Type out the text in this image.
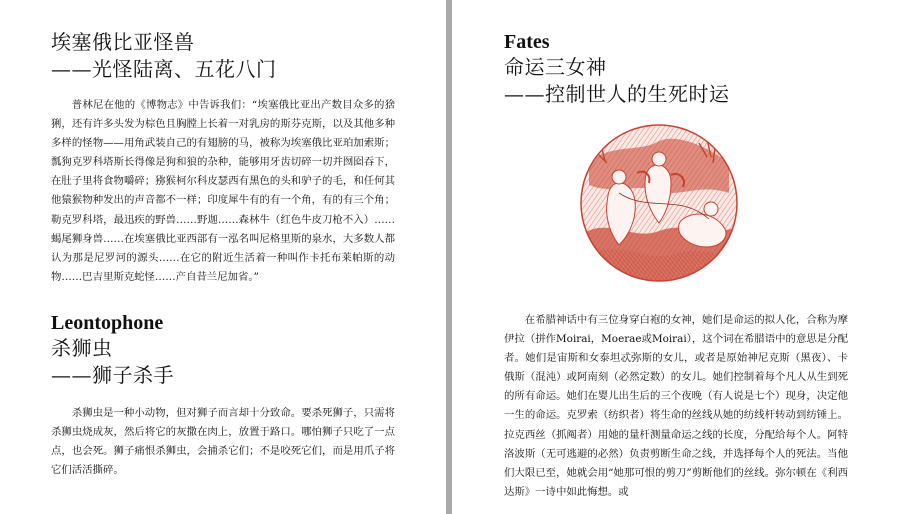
埃塞俄比亚怪兽
——光怪陆离、五花八门

普林尼在他的《博物志》中告诉我们：“埃塞俄比亚出产数目众多的猞猁，还有许多头发为棕色且胸膛上长着一对乳房的斯芬克斯，以及其他多种多样的怪物——用角武装自己的有翅膀的马，被称为埃塞俄比亚珀加索斯；瓢狗克罗科塔斯长得像是狗和狼的杂种，能够用牙齿切碎一切并囫囵吞下，在肚子里将食物嚼碎；猕猴柯尔科皮瑟西有黑色的头和驴子的毛，和任何其他猿猴物种发出的声音都不一样；印度犀牛有的有一个角，有的有三个角；勒克罗科塔，最迅疾的野兽……野迦……森林牛（红色牛皮刀枪不入）……蝎尾狮身兽……在埃塞俄比亚西部有一泓名叫尼格里斯的泉水，大多数人都认为那是尼罗河的源头……在它的附近生活着一种叫作卡托布莱帕斯的动物……巴吉里斯克蛇怪……产自昔兰尼加省。”

Leontophone
杀狮虫
——狮子杀手

杀狮虫是一种小动物，但对狮子而言却十分致命。要杀死狮子，只需将杀狮虫烧成灰，然后将它的灰撒在肉上，放置于路口。哪怕狮子只吃了一点点，也会死。狮子痛恨杀狮虫，会捕杀它们；不是咬死它们，而是用爪子将它们活活撕碎。

Fates
命运三女神
——控制世人的生死时运

在希腊神话中有三位身穿白袍的女神，她们是命运的拟人化，合称为摩伊拉（拼作Moirai，Moerae或Moirai），这个词在希腊语中的意思是分配者。她们是宙斯和女泰坦忒弥斯的女儿，或者是原始神尼克斯（黑夜）、卡俄斯（混沌）或阿南刻（必然定数）的女儿。她们控制着每个凡人从生到死的所有命运。她们在婴儿出生后的三个夜晚（有人说是七个）现身，决定他一生的命运。克罗索（纺织者）将生命的丝线从她的纺线杆转动到纺锤上。拉克西丝（抓阄者）用她的量杆测量命运之线的长度，分配给每个人。阿特洛波斯（无可逃避的必然）负责剪断生命之线，并选择每个人的死法。当他们大限已至，她就会用“她那可恨的剪刀”剪断他们的丝线。弥尔顿在《利西达斯》一诗中如此悔想。或
